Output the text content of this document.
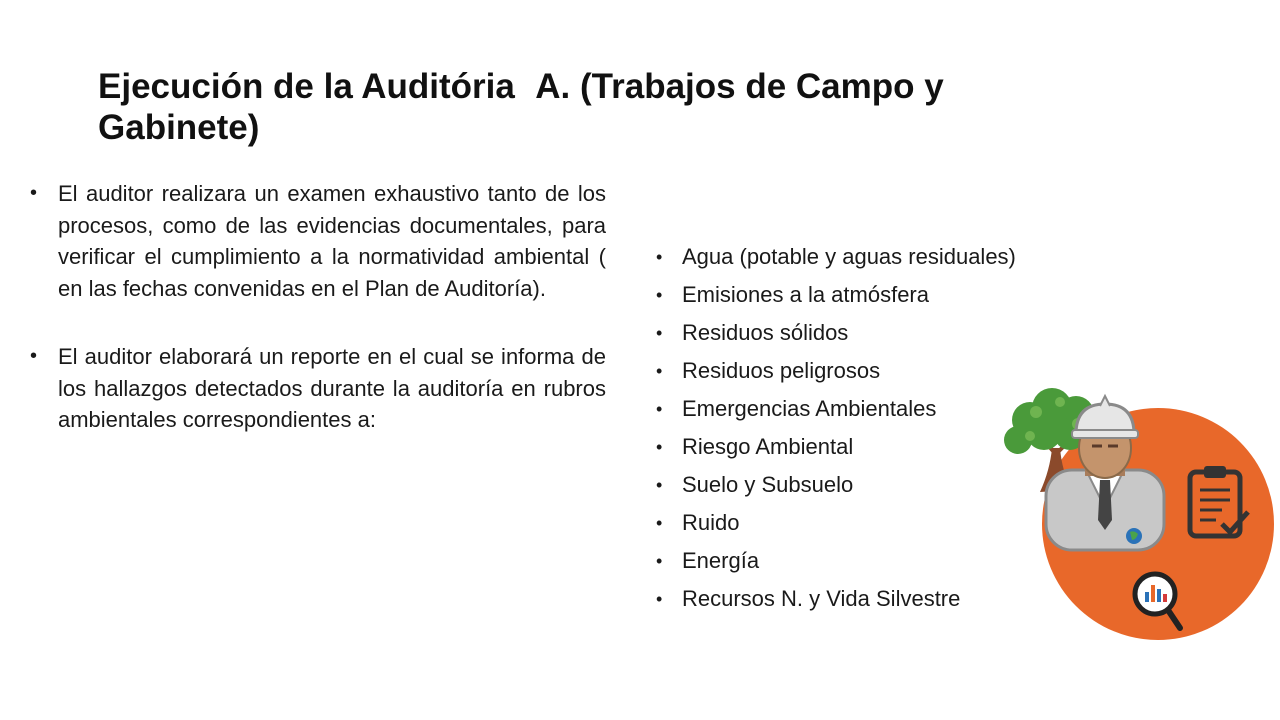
Ejecución de la Auditória A. (Trabajos de Campo y
Gabinete)
• El auditor realizara un examen exhaustivo tanto de los procesos, como de las evidencias documentales, para verificar el cumplimiento a la normatividad ambiental ( en las fechas convenidas en el Plan de Auditoría).
• El auditor elaborará un reporte en el cual se informa de los hallazgos detectados durante la auditoría en rubros ambientales correspondientes a:
• Agua (potable y aguas residuales)
• Emisiones a la atmósfera
• Residuos sólidos
• Residuos peligrosos
• Emergencias Ambientales
• Riesgo Ambiental
• Suelo y Subsuelo
• Ruido
• Energía
• Recursos N. y Vida Silvestre
